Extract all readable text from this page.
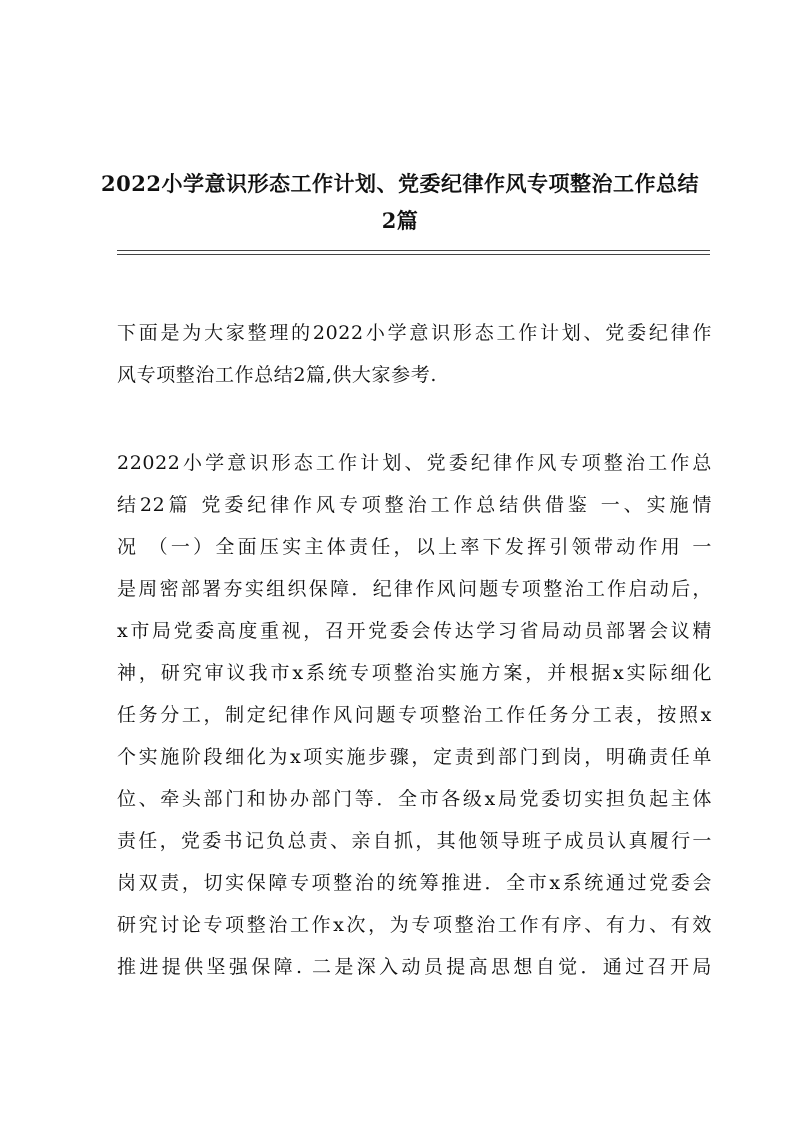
2022小学意识形态工作计划、党委纪律作风专项整治工作总结
2篇
下面是为大家整理的2022小学意识形态工作计划、党委纪律作
风专项整治工作总结2篇,供大家参考.
22022小学意识形态工作计划、党委纪律作风专项整治工作总
结22篇 党委纪律作风专项整治工作总结供借鉴 一、实施情
况 （一）全面压实主体责任，以上率下发挥引领带动作用 一
是周密部署夯实组织保障．纪律作风问题专项整治工作启动后，
x市局党委高度重视，召开党委会传达学习省局动员部署会议精
神，研究审议我市x系统专项整治实施方案，并根据x实际细化
任务分工，制定纪律作风问题专项整治工作任务分工表，按照x
个实施阶段细化为x项实施步骤，定责到部门到岗，明确责任单
位、牵头部门和协办部门等．全市各级x局党委切实担负起主体
责任，党委书记负总责、亲自抓，其他领导班子成员认真履行一
岗双责，切实保障专项整治的统筹推进．全市x系统通过党委会
研究讨论专项整治工作x次，为专项整治工作有序、有力、有效
推进提供坚强保障. 二是深入动员提高思想自觉．通过召开局
